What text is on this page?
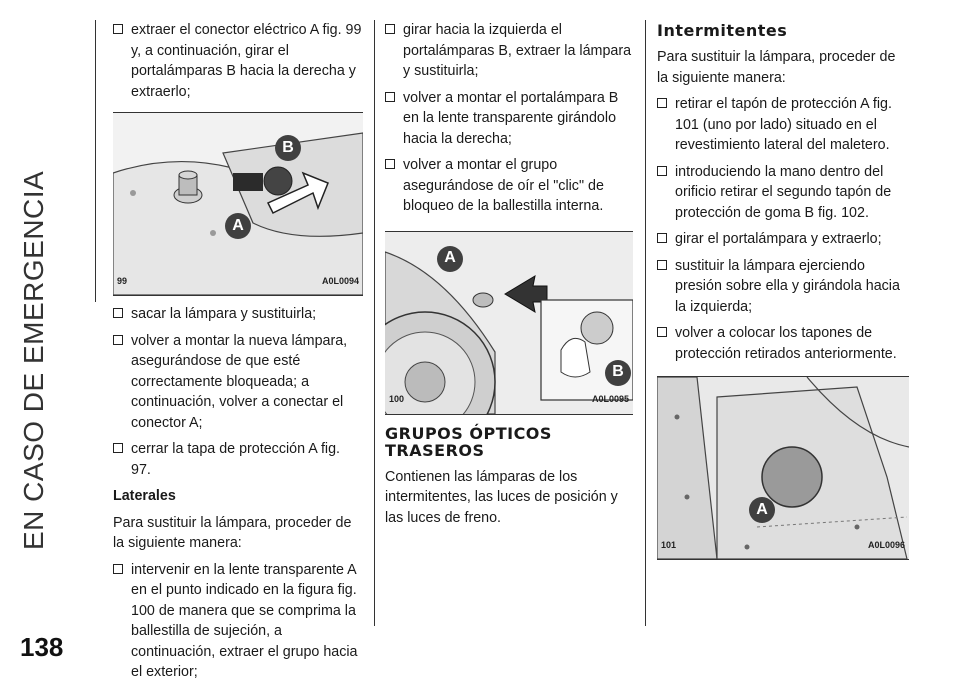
EN CASO DE EMERGENCIA
138
extraer el conector eléctrico A fig. 99 y, a continuación, girar el portalámparas B hacia la derecha y extraerlo;
B
A
99	A0L0094
sacar la lámpara y sustituirla;
volver a montar la nueva lámpara, asegurándose de que esté correctamente bloqueada; a continuación, volver a conectar el conector A;
cerrar la tapa de protección A fig. 97.
Laterales
Para sustituir la lámpara, proceder de la siguiente manera:
intervenir en la lente transparente A en el punto indicado en la figura fig. 100 de manera que se comprima la ballestilla de sujeción, a continuación, extraer el grupo hacia el exterior;
girar hacia la izquierda el portalámparas B, extraer la lámpara y sustituirla;
volver a montar el portalámpara B en la lente transparente girándolo hacia la derecha;
volver a montar el grupo asegurándose de oír el "clic" de bloqueo de la ballestilla interna.
A
B
100	A0L0095
GRUPOS ÓPTICOS TRASEROS
Contienen las lámparas de los intermitentes, las luces de posición y las luces de freno.
Intermitentes
Para sustituir la lámpara, proceder de la siguiente manera:
retirar el tapón de protección A fig. 101 (uno por lado) situado en el revestimiento lateral del maletero.
introduciendo la mano dentro del orificio retirar el segundo tapón de protección de goma B fig. 102.
girar el portalámpara y extraerlo;
sustituir la lámpara ejerciendo presión sobre ella y girándola hacia la izquierda;
volver a colocar los tapones de protección retirados anteriormente.
A
101	A0L0096
